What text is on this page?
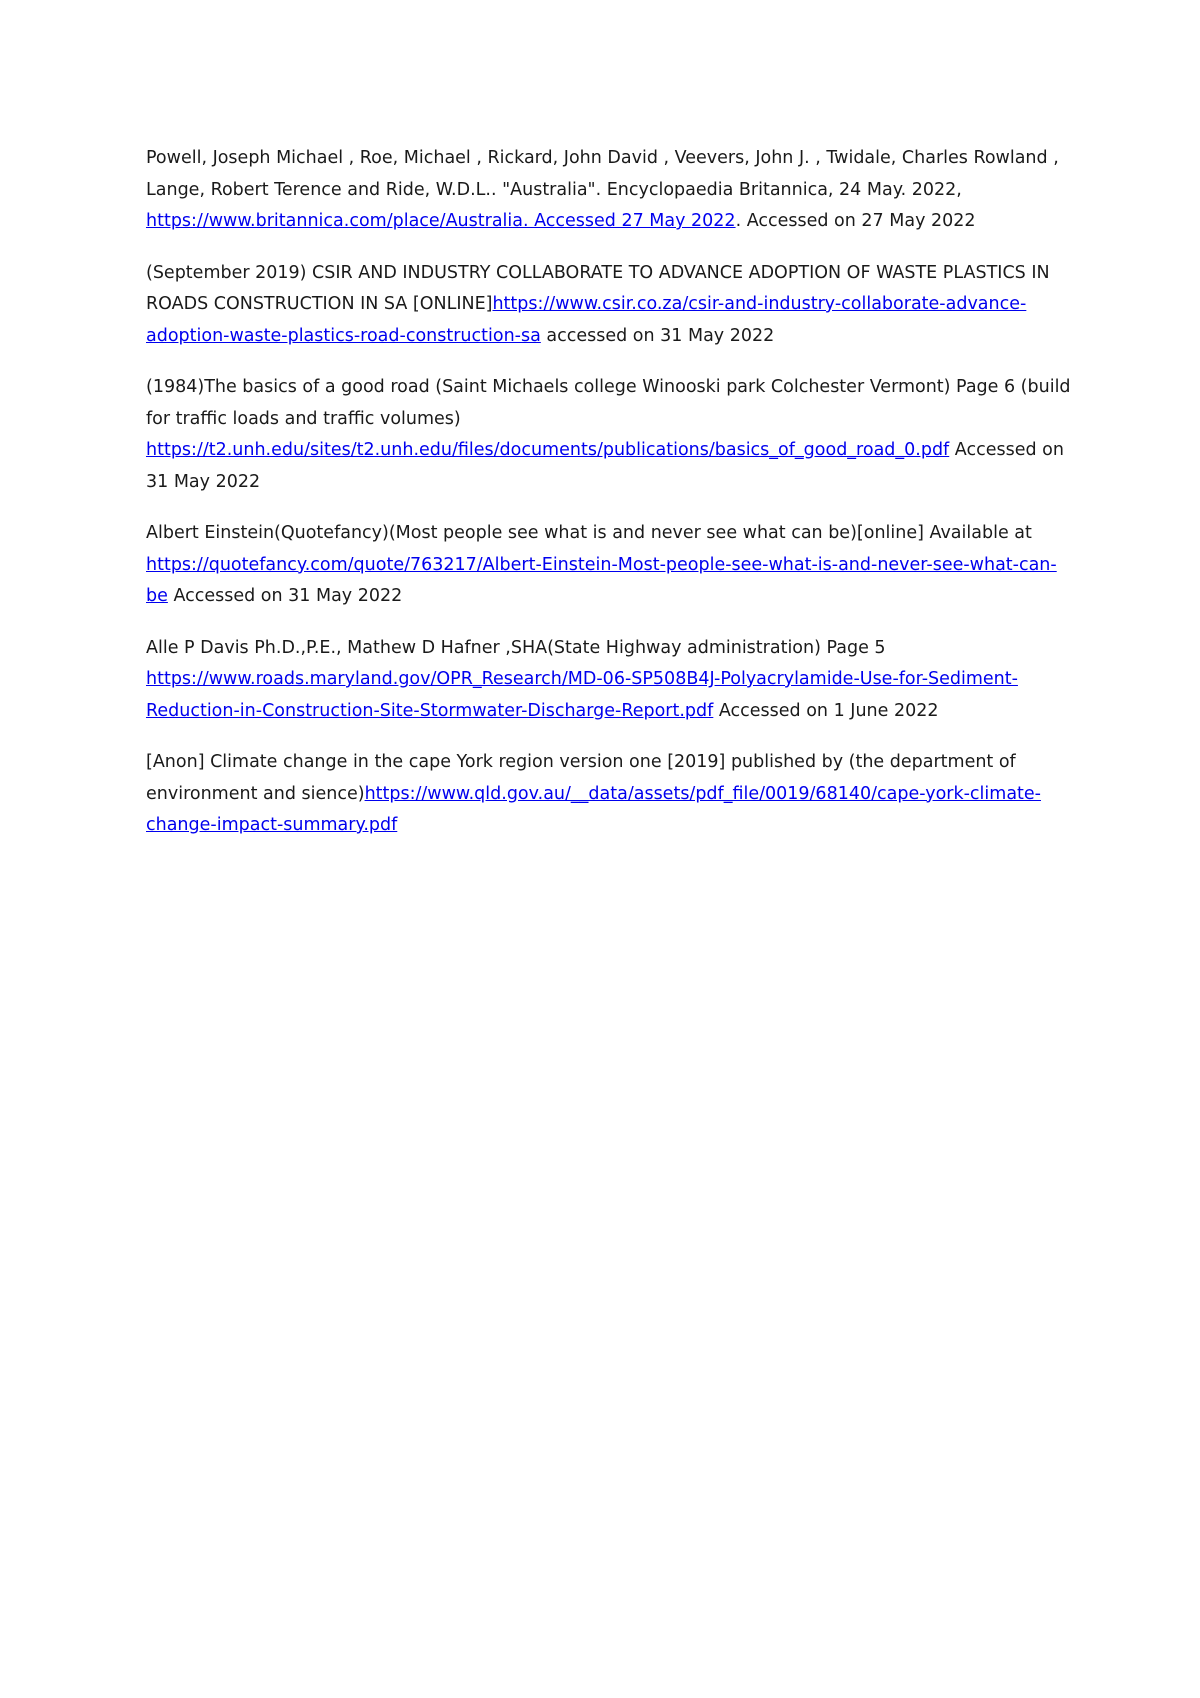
Powell, Joseph Michael , Roe, Michael , Rickard, John David , Veevers, John J. , Twidale, Charles Rowland , Lange, Robert Terence and Ride, W.D.L.. "Australia". Encyclopaedia Britannica, 24 May. 2022, https://www.britannica.com/place/Australia. Accessed 27 May 2022. Accessed on 27 May 2022

(September 2019) CSIR AND INDUSTRY COLLABORATE TO ADVANCE ADOPTION OF WASTE PLASTICS IN ROADS CONSTRUCTION IN SA [ONLINE]https://www.csir.co.za/csir-and-industry-collaborate-advance-adoption-waste-plastics-road-construction-sa accessed on 31 May 2022

(1984)The basics of a good road (Saint Michaels college Winooski park Colchester Vermont) Page 6 (build for traffic loads and traffic volumes) https://t2.unh.edu/sites/t2.unh.edu/files/documents/publications/basics_of_good_road_0.pdf Accessed on 31 May 2022

Albert Einstein(Quotefancy)(Most people see what is and never see what can be)[online] Available at https://quotefancy.com/quote/763217/Albert-Einstein-Most-people-see-what-is-and-never-see-what-can-be Accessed on 31 May 2022

Alle P Davis Ph.D.,P.E., Mathew D Hafner ,SHA(State Highway administration) Page 5 https://www.roads.maryland.gov/OPR_Research/MD-06-SP508B4J-Polyacrylamide-Use-for-Sediment-Reduction-in-Construction-Site-Stormwater-Discharge-Report.pdf Accessed on 1 June 2022

[Anon] Climate change in the cape York region version one [2019] published by (the department of environment and sience)https://www.qld.gov.au/__data/assets/pdf_file/0019/68140/cape-york-climate-change-impact-summary.pdf
